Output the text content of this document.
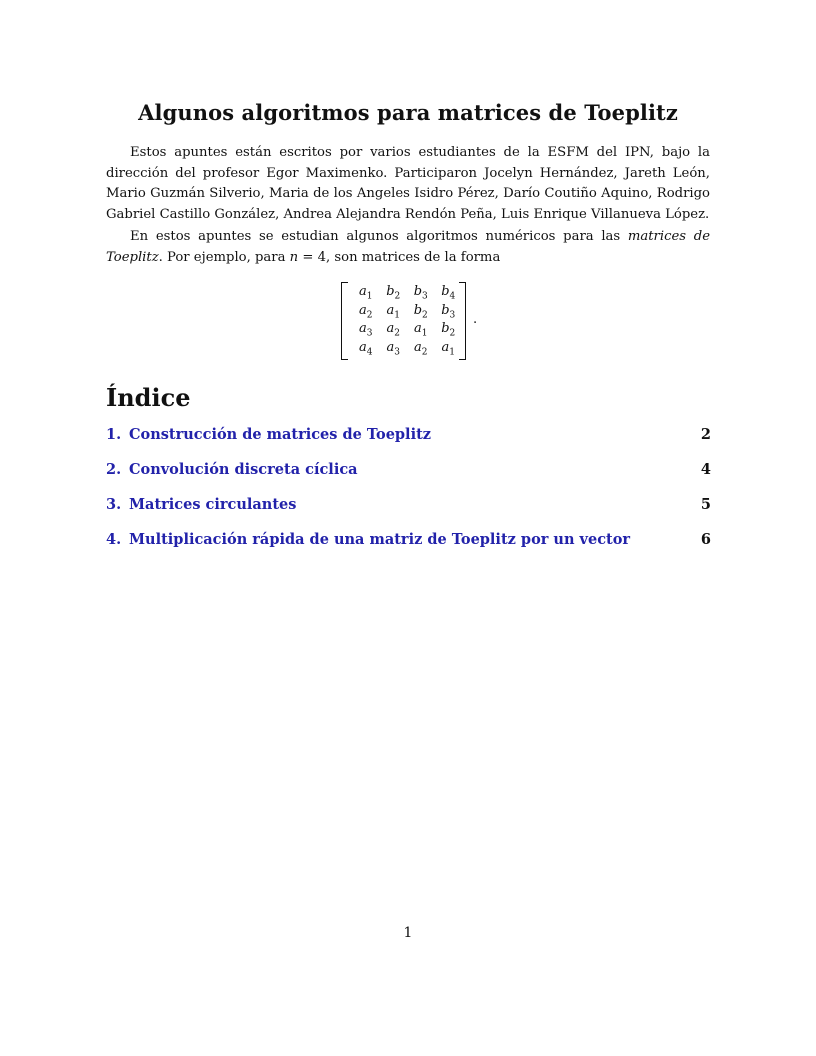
Algunos algoritmos para matrices de Toeplitz

Estos apuntes están escritos por varios estudiantes de la ESFM del IPN, bajo la dirección del profesor Egor Maximenko. Participaron Jocelyn Hernández, Jareth León, Mario Guzmán Silverio, Maria de los Angeles Isidro Pérez, Darío Coutiño Aquino, Rodrigo Gabriel Castillo González, Andrea Alejandra Rendón Peña, Luis Enrique Villanueva López.

En estos apuntes se estudian algunos algoritmos numéricos para las matrices de Toeplitz. Por ejemplo, para n = 4, son matrices de la forma

$a_1$	$b_2$	$b_3$	$b_4$
$a_2$	$a_1$	$b_2$	$b_3$
$a_3$	$a_2$	$a_1$	$b_2$
$a_4$	$a_3$	$a_2$	$a_1$
.
Índice
1. Construcción de matrices de Toeplitz	2
2. Convolución discreta cíclica	4
3. Matrices circulantes	5
4. Multiplicación rápida de una matriz de Toeplitz por un vector	6
1
